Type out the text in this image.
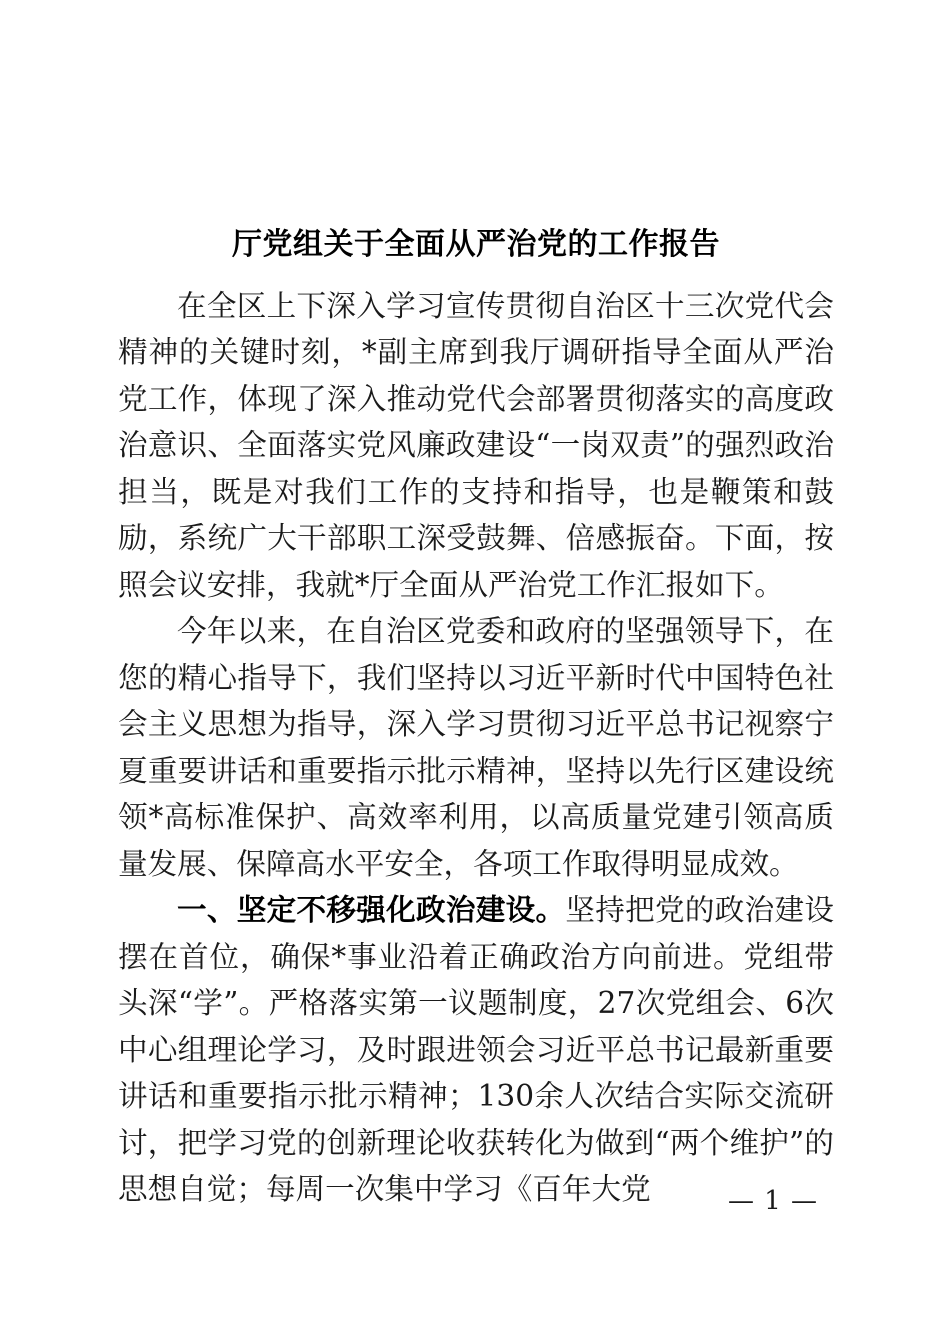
厅党组关于全面从严治党的工作报告

在全区上下深入学习宣传贯彻自治区十三次党代会精神的关键时刻，*副主席到我厅调研指导全面从严治党工作，体现了深入推动党代会部署贯彻落实的高度政治意识、全面落实党风廉政建设“一岗双责”的强烈政治担当，既是对我们工作的支持和指导，也是鞭策和鼓励，系统广大干部职工深受鼓舞、倍感振奋。下面，按照会议安排，我就*厅全面从严治党工作汇报如下。

今年以来，在自治区党委和政府的坚强领导下，在您的精心指导下，我们坚持以习近平新时代中国特色社会主义思想为指导，深入学习贯彻习近平总书记视察宁夏重要讲话和重要指示批示精神，坚持以先行区建设统领*高标准保护、高效率利用，以高质量党建引领高质量发展、保障高水平安全，各项工作取得明显成效。

一、坚定不移强化政治建设。坚持把党的政治建设摆在首位，确保*事业沿着正确政治方向前进。党组带头深“学”。严格落实第一议题制度，27次党组会、6次中心组理论学习，及时跟进领会习近平总书记最新重要讲话和重要指示批示精神；130余人次结合实际交流研讨，把学习党的创新理论收获转化为做到“两个维护”的思想自觉；每周一次集中学习《百年大党	— 1 —
